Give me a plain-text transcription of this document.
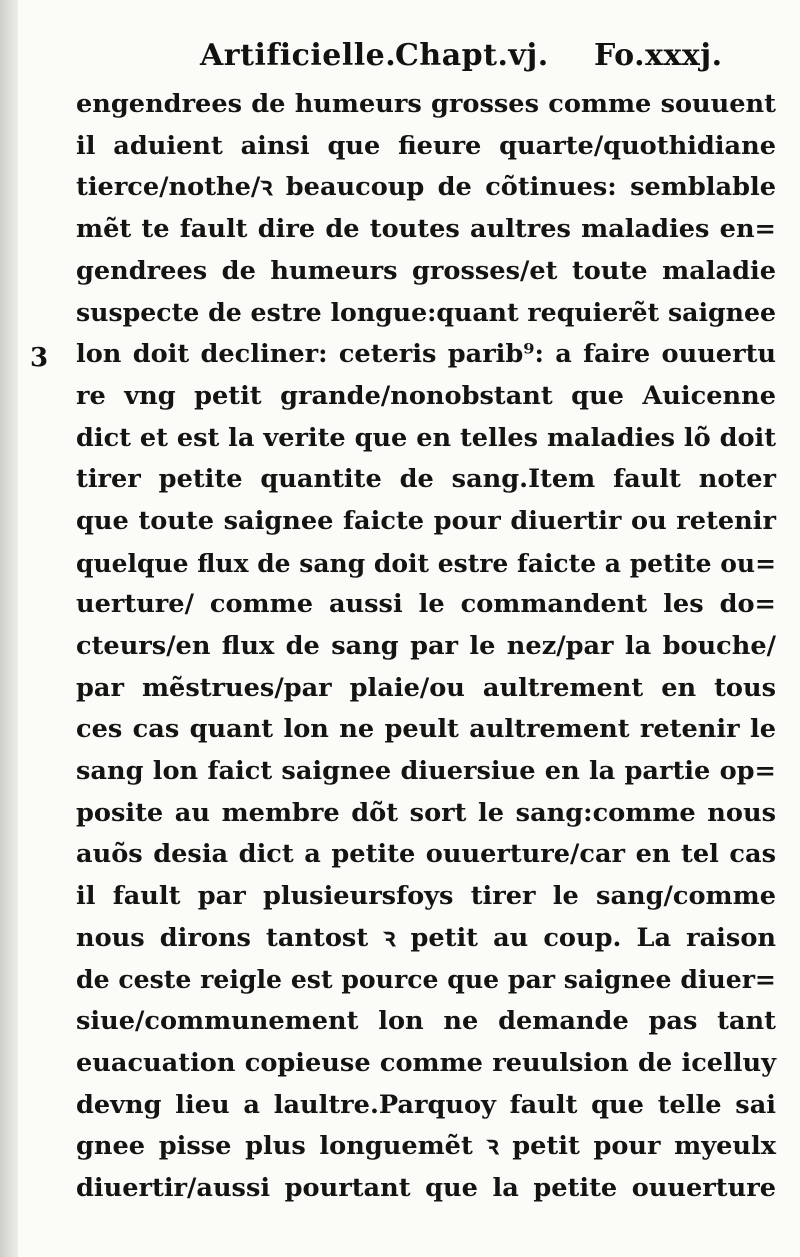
Artificielle.
Chapt.vj. Fo.xxxj.
3
engendrees de humeurs grosses comme souuent
il aduient ainsi que fieure quarte/quothidiane
tierce/nothe/ꝛ beaucoup de cõtinues: semblable
mẽt te fault dire de toutes aultres maladies en=
gendrees de humeurs grosses/et toute maladie
suspecte de estre longue:quant requierẽt saignee
lon doit decliner: ceteris parib⁹: a faire ouuertu
re vng petit grande/nonobstant que Auicenne
dict et est la verite que en telles maladies lõ doit
tirer petite quantite de sang.Item fault noter
que toute saignee faicte pour diuertir ou retenir
quelque flux de sang doit estre faicte a petite ou=
uerture/ comme aussi le commandent les do=
cteurs/en flux de sang par le nez/par la bouche/
par mẽstrues/par plaie/ou aultrement en tous
ces cas quant lon ne peult aultrement retenir le
sang lon faict saignee diuersiue en la partie op=
posite au membre dõt sort le sang:comme nous
auõs desia dict a petite ouuerture/car en tel cas
il fault par plusieursfoys tirer le sang/comme
nous dirons tantost ꝛ petit au coup. La raison
de ceste reigle est pource que par saignee diuer=
siue/communement lon ne demande pas tant
euacuation copieuse comme reuulsion de icelluy
devng lieu a laultre.Parquoy fault que telle sai
gnee pisse plus longuemẽt ꝛ petit pour myeulx
diuertir/aussi pourtant que la petite ouuerture
